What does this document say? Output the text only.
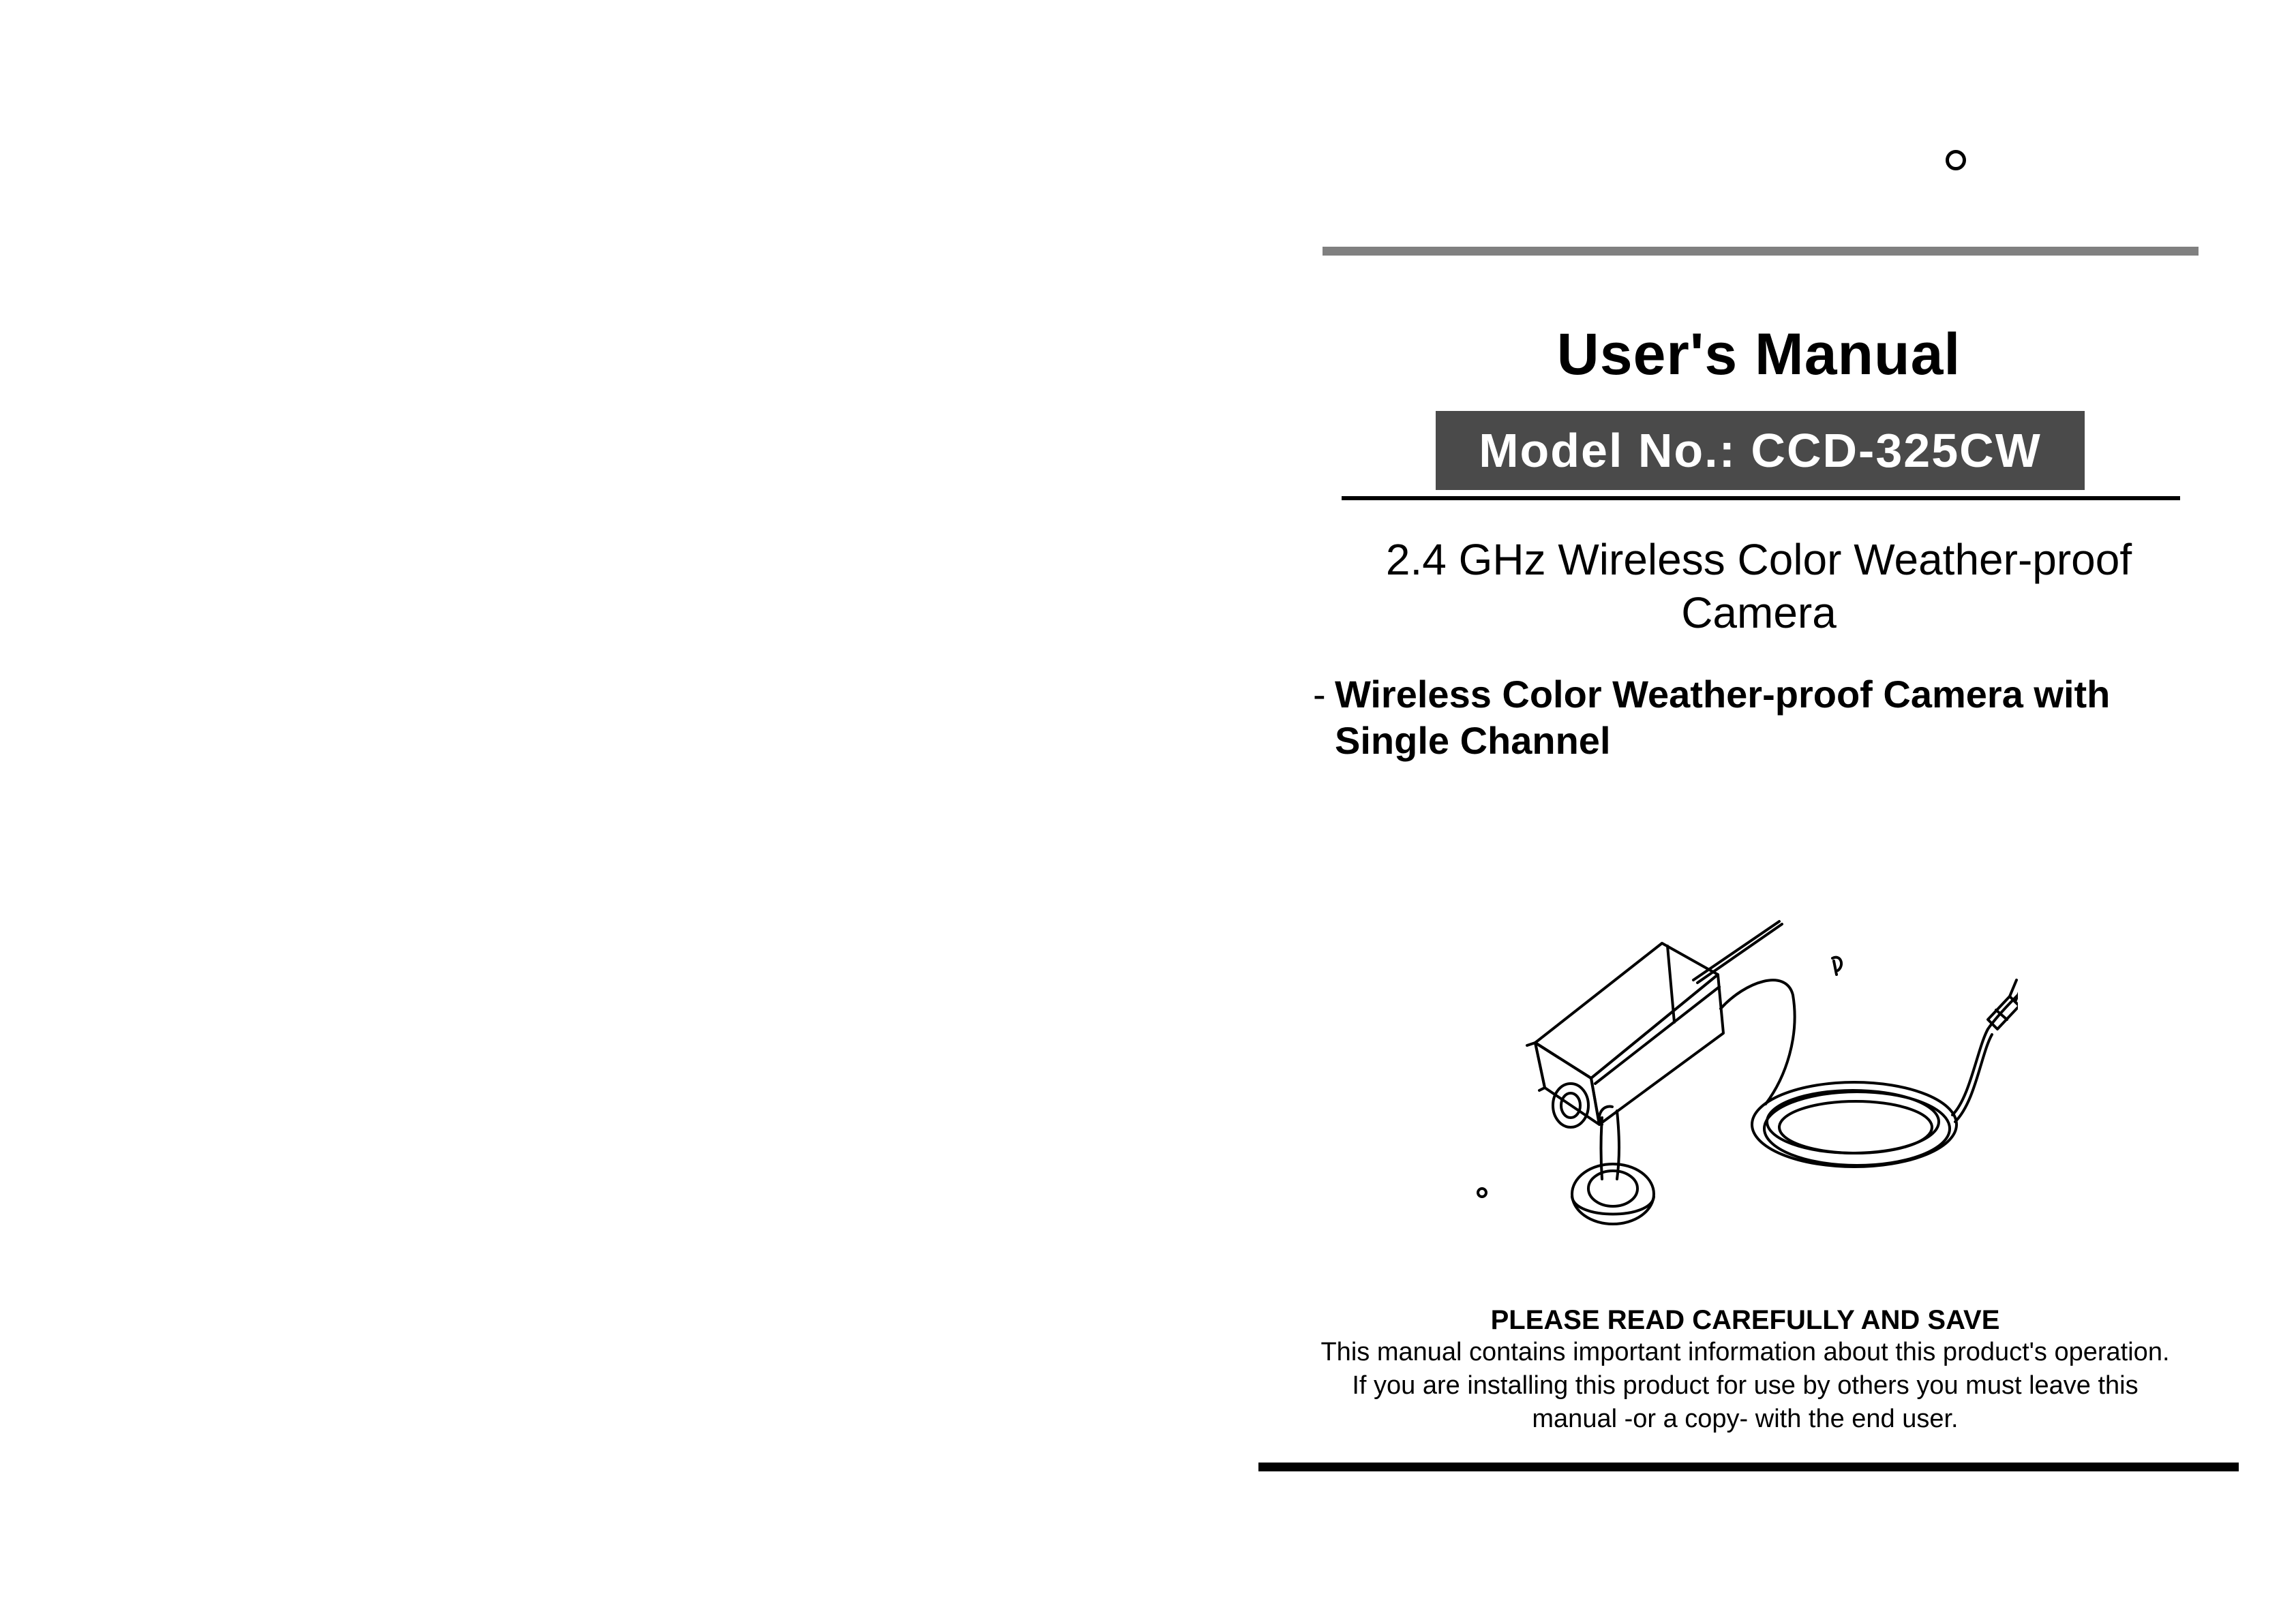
User's Manual
Model No.: CCD-325CW
2.4 GHz Wireless Color Weather-proof
Camera
- Wireless Color Weather-proof Camera with
Single Channel
PLEASE READ CAREFULLY AND SAVE
This manual contains important information about this product's operation.
If you are installing this product for use by others you must leave this
manual -or a copy- with the end user.
